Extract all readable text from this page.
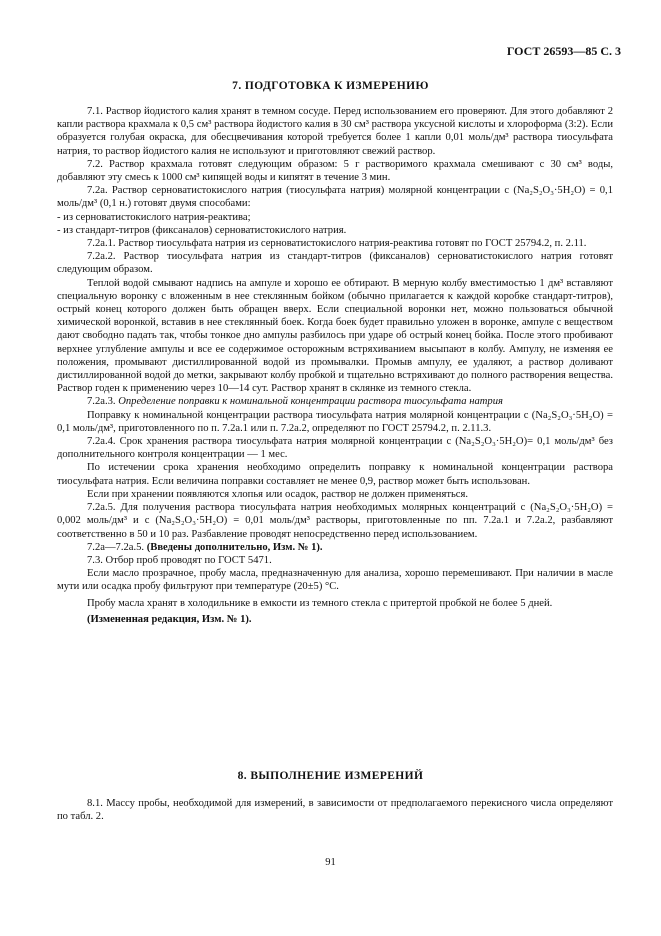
ГОСТ 26593—85 С. 3
7. ПОДГОТОВКА К ИЗМЕРЕНИЮ

7.1. Раствор йодистого калия хранят в темном сосуде. Перед использованием его проверяют. Для этого добавляют 2 капли раствора крахмала к 0,5 см³ раствора йодистого калия в 30 см³ раствора уксусной кислоты и хлороформа (3:2). Если образуется голубая окраска, для обесцвечивания которой требуется более 1 капли 0,01 моль/дм³ раствора тиосульфата натрия, то раствор йодистого калия не используют и приготовляют свежий раствор.

7.2. Раствор крахмала готовят следующим образом: 5 г растворимого крахмала смешивают с 30 см³ воды, добавляют эту смесь к 1000 см³ кипящей воды и кипятят в течение 3 мин.

7.2а. Раствор серноватистокислого натрия (тиосульфата натрия) молярной концентрации c (Na₂S₂O₃·5H₂O) = 0,1 моль/дм³ (0,1 н.) готовят двумя способами:

- из серноватистокислого натрия-реактива;

- из стандарт-титров (фиксаналов) серноватистокислого натрия.

7.2а.1. Раствор тиосульфата натрия из серноватистокислого натрия-реактива готовят по ГОСТ 25794.2, п. 2.11.

7.2а.2. Раствор тиосульфата натрия из стандарт-титров (фиксаналов) серноватистокислого натрия готовят следующим образом.

Теплой водой смывают надпись на ампуле и хорошо ее обтирают. В мерную колбу вместимостью 1 дм³ вставляют специальную воронку с вложенным в нее стеклянным бойком (обычно прилагается к каждой коробке стандарт-титров), острый конец которого должен быть обращен вверх. Если специальной воронки нет, можно пользоваться обычной химической воронкой, вставив в нее стеклянный боек. Когда боек будет правильно уложен в воронке, ампуле с веществом дают свободно падать так, чтобы тонкое дно ампулы разбилось при ударе об острый конец бойка. После этого пробивают верхнее углубление ампулы и все ее содержимое осторожным встряхиванием высыпают в колбу. Ампулу, не изменяя ее положения, промывают дистиллированной водой из промывалки. Промыв ампулу, ее удаляют, а раствор доливают дистиллированной водой до метки, закрывают колбу пробкой и тщательно встряхивают до полного растворения вещества. Раствор годен к применению через 10—14 сут. Раствор хранят в склянке из темного стекла.

7.2а.3. Определение поправки к номинальной концентрации раствора тиосульфата натрия

Поправку к номинальной концентрации раствора тиосульфата натрия молярной концентрации c (Na₂S₂O₃·5H₂O) = 0,1 моль/дм³, приготовленного по п. 7.2а.1 или п. 7.2а.2, определяют по ГОСТ 25794.2, п. 2.11.3.

7.2а.4. Срок хранения раствора тиосульфата натрия молярной концентрации c (Na₂S₂O₃·5H₂O)= 0,1 моль/дм³ без дополнительного контроля концентрации — 1 мес.

По истечении срока хранения необходимо определить поправку к номинальной концентрации раствора тиосульфата натрия. Если величина поправки составляет не менее 0,9, раствор может быть использован.

Если при хранении появляются хлопья или осадок, раствор не должен применяться.

7.2а.5. Для получения раствора тиосульфата натрия необходимых молярных концентраций c (Na₂S₂O₃·5H₂O) = 0,002 моль/дм³ и c (Na₂S₂O₃·5H₂O) = 0,01 моль/дм³ растворы, приготовленные по пп. 7.2а.1 и 7.2а.2, разбавляют соответственно в 50 и 10 раз. Разбавление проводят непосредственно перед использованием.

7.2а—7.2а.5. (Введены дополнительно, Изм. № 1).

7.3. Отбор проб проводят по ГОСТ 5471.

Если масло прозрачное, пробу масла, предназначенную для анализа, хорошо перемешивают. При наличии в масле мути или осадка пробу фильтруют при температуре (20±5) °С.

Пробу масла хранят в холодильнике в емкости из темного стекла с притертой пробкой не более 5 дней.

(Измененная редакция, Изм. № 1).

8. ВЫПОЛНЕНИЕ ИЗМЕРЕНИЙ

8.1. Массу пробы, необходимой для измерений, в зависимости от предполагаемого перекисного числа определяют по табл. 2.

91
